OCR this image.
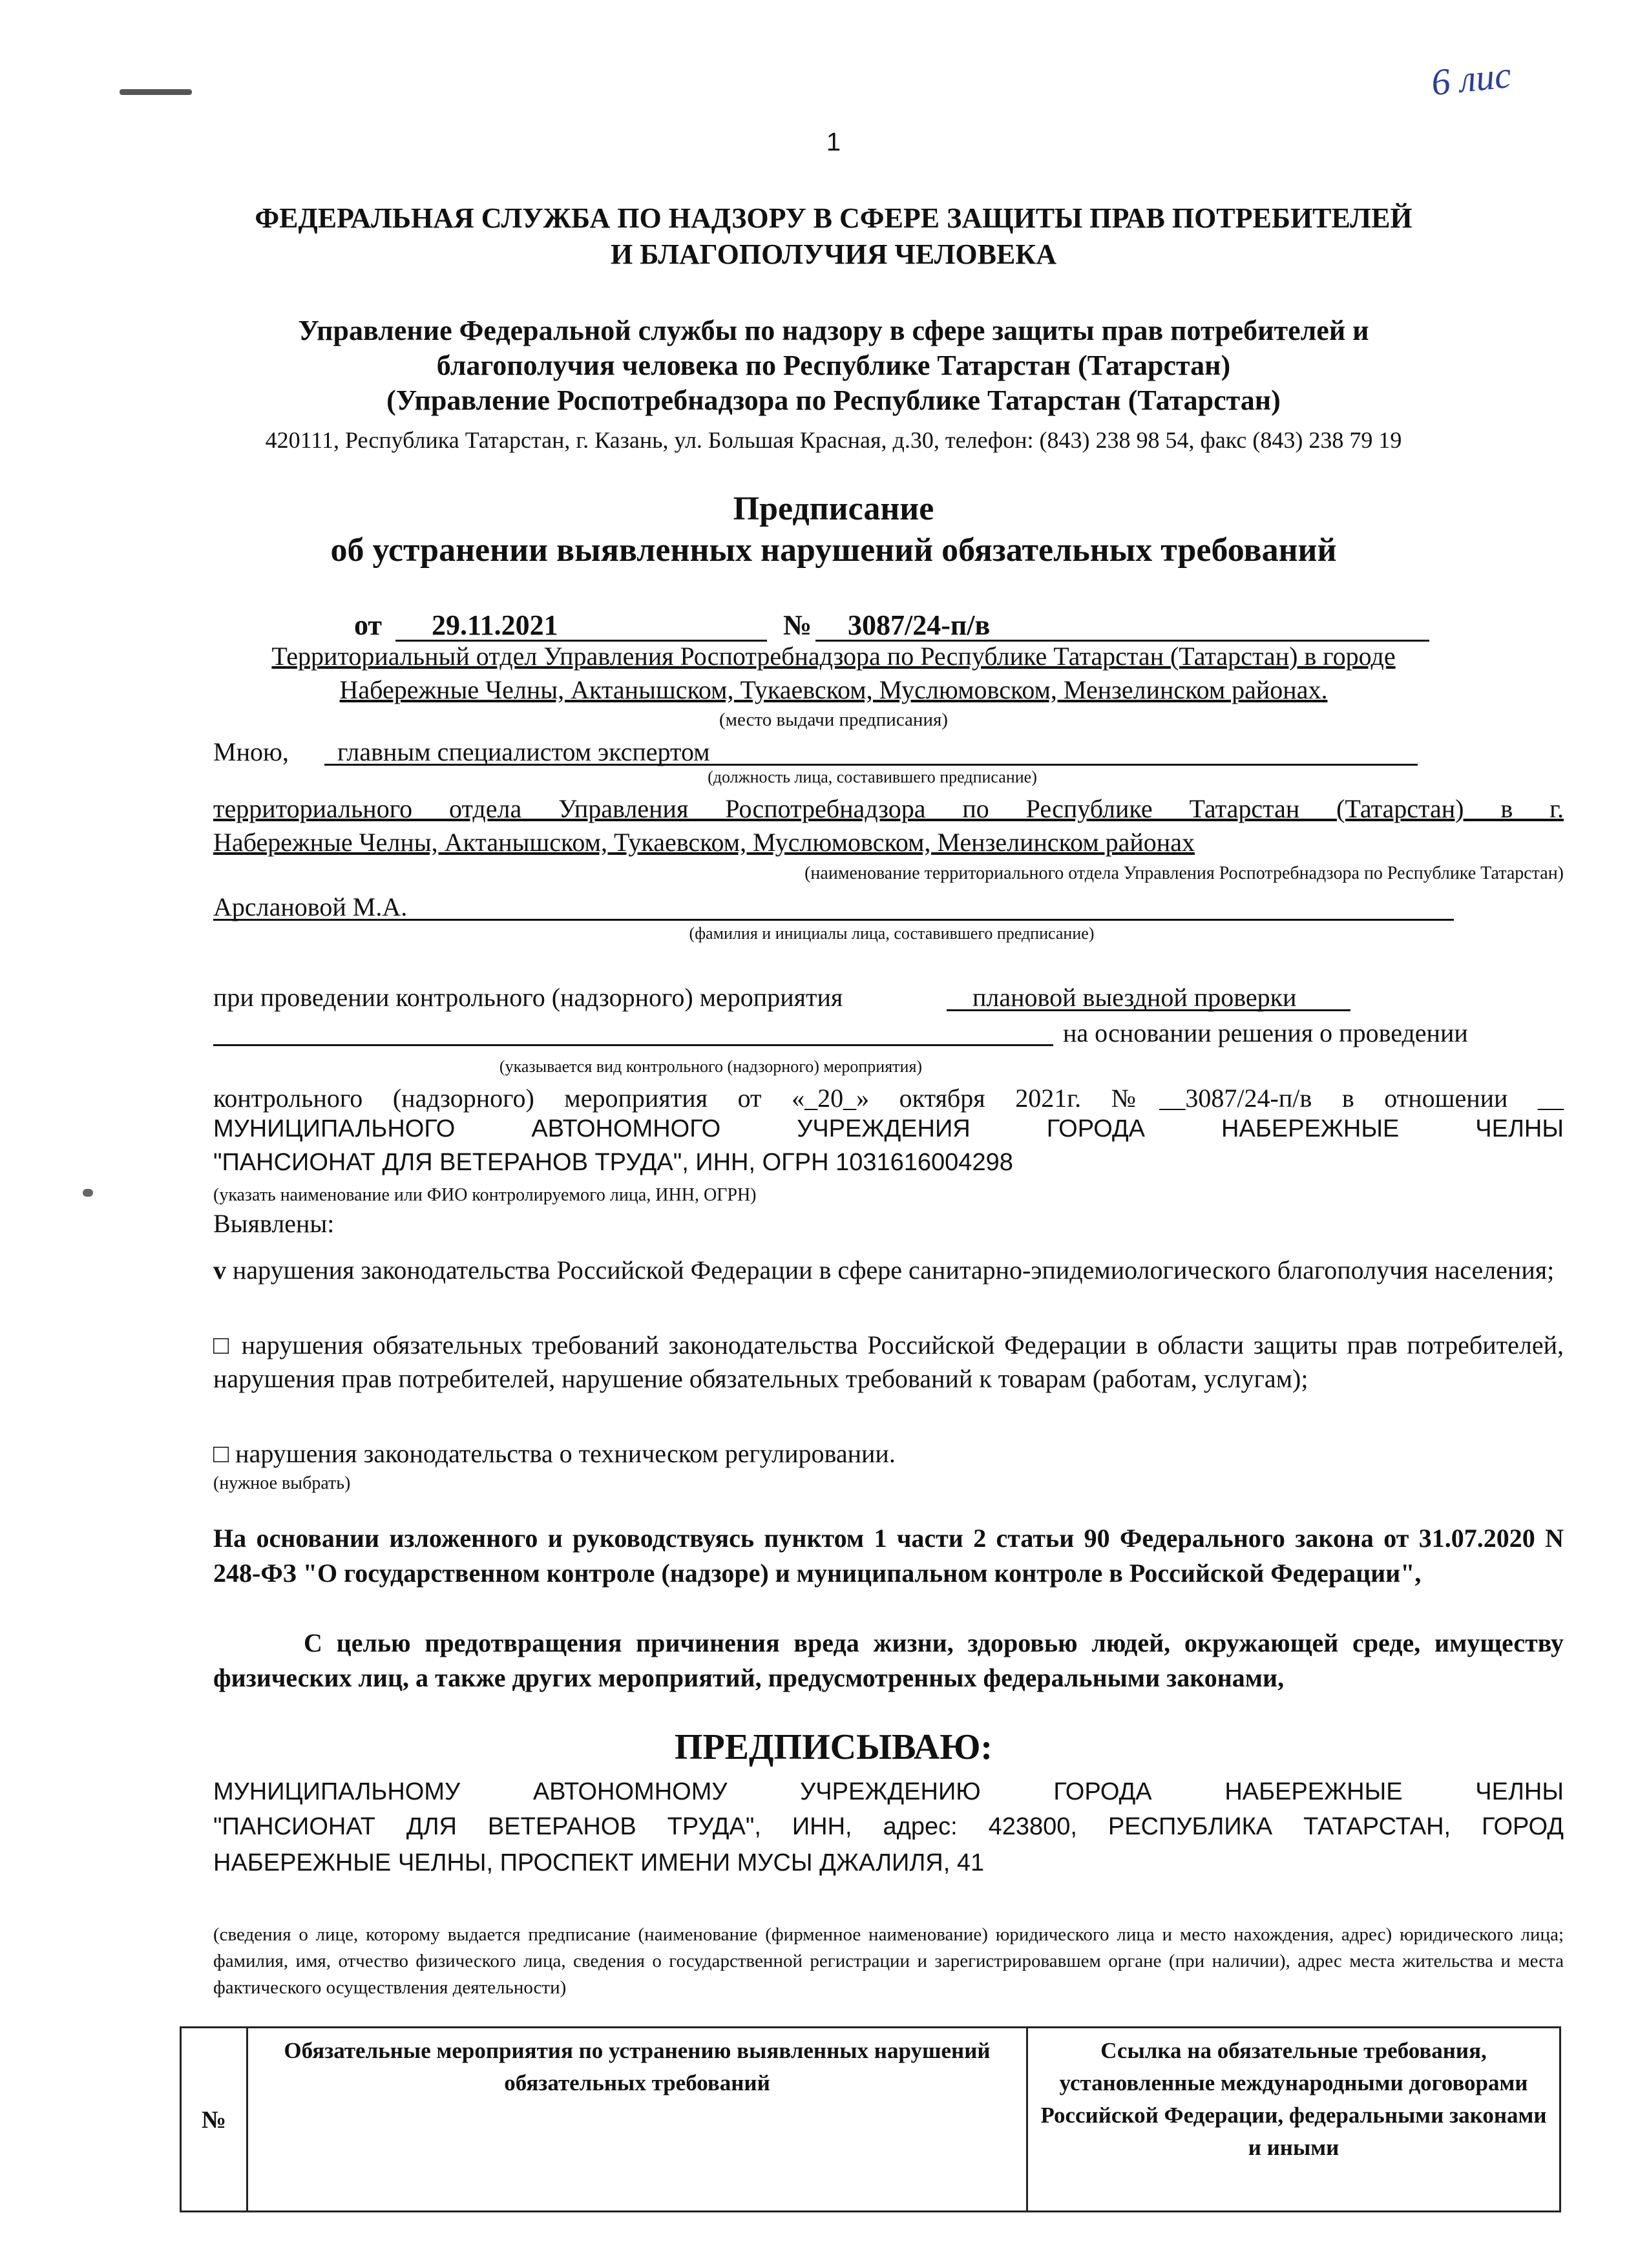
6 лис
1
ФЕДЕРАЛЬНАЯ СЛУЖБА ПО НАДЗОРУ В СФЕРЕ ЗАЩИТЫ ПРАВ ПОТРЕБИТЕЛЕЙ
И БЛАГОПОЛУЧИЯ ЧЕЛОВЕКА
Управление Федеральной службы по надзору в сфере защиты прав потребителей и
благополучия человека по Республике Татарстан (Татарстан)
(Управление Роспотребнадзора по Республике Татарстан (Татарстан)
420111, Республика Татарстан, г. Казань, ул. Большая Красная, д.30, телефон: (843) 238 98 54, факс (843) 238 79 19
Предписание
об устранении выявленных нарушений обязательных требований
от 29.11.2021	№ 3087/24-п/в
Территориальный отдел Управления Роспотребнадзора по Республике Татарстан (Татарстан) в городе
Набережные Челны, Актанышском, Тукаевском, Муслюмовском, Мензелинском районах.
(место выдачи предписания)
Мною, главным специалистом экспертом
(должность лица, составившего предписание)
территориального отдела Управления Роспотребнадзора по Республике Татарстан (Татарстан) в г.
Набережные Челны, Актанышском, Тукаевском, Муслюмовском, Мензелинском районах
(наименование территориального отдела Управления Роспотребнадзора по Республике Татарстан)
Арслановой М.А.
(фамилия и инициалы лица, составившего предписание)
при проведении контрольного (надзорного) мероприятия	плановой выездной проверки
на основании решения о проведении
(указывается вид контрольного (надзорного) мероприятия)
контрольного (надзорного) мероприятия от «_20_» октября 2021г. №__3087/24-п/в в отношении __
МУНИЦИПАЛЬНОГО АВТОНОМНОГО УЧРЕЖДЕНИЯ ГОРОДА НАБЕРЕЖНЫЕ ЧЕЛНЫ
"ПАНСИОНАТ ДЛЯ ВЕТЕРАНОВ ТРУДА", ИНН, ОГРН 1031616004298
(указать наименование или ФИО контролируемого лица, ИНН, ОГРН)
Выявлены:
v нарушения законодательства Российской Федерации в сфере санитарно-эпидемиологического благополучия населения;
□ нарушения обязательных требований законодательства Российской Федерации в области защиты прав потребителей, нарушения прав потребителей, нарушение обязательных требований к товарам (работам, услугам);
□ нарушения законодательства о техническом регулировании.
(нужное выбрать)
На основании изложенного и руководствуясь пунктом 1 части 2 статьи 90 Федерального закона от 31.07.2020 N 248-ФЗ "О государственном контроле (надзоре) и муниципальном контроле в Российской Федерации",
С целью предотвращения причинения вреда жизни, здоровью людей, окружающей среде, имуществу физических лиц, а также других мероприятий, предусмотренных федеральными законами,
ПРЕДПИСЫВАЮ:
МУНИЦИПАЛЬНОМУ АВТОНОМНОМУ УЧРЕЖДЕНИЮ ГОРОДА НАБЕРЕЖНЫЕ ЧЕЛНЫ
"ПАНСИОНАТ ДЛЯ ВЕТЕРАНОВ ТРУДА", ИНН, адрес: 423800, РЕСПУБЛИКА ТАТАРСТАН, ГОРОД
НАБЕРЕЖНЫЕ ЧЕЛНЫ, ПРОСПЕКТ ИМЕНИ МУСЫ ДЖАЛИЛЯ, 41
(сведения о лице, которому выдается предписание (наименование (фирменное наименование) юридического лица и место нахождения, адрес) юридического лица; фамилия, имя, отчество физического лица, сведения о государственной регистрации и зарегистрировавшем органе (при наличии), адрес места жительства и места фактического осуществления деятельности)
№	Обязательные мероприятия по устранению выявленных нарушений обязательных требований	Ссылка на обязательные требования, установленные международными договорами Российской Федерации, федеральными законами и иными
